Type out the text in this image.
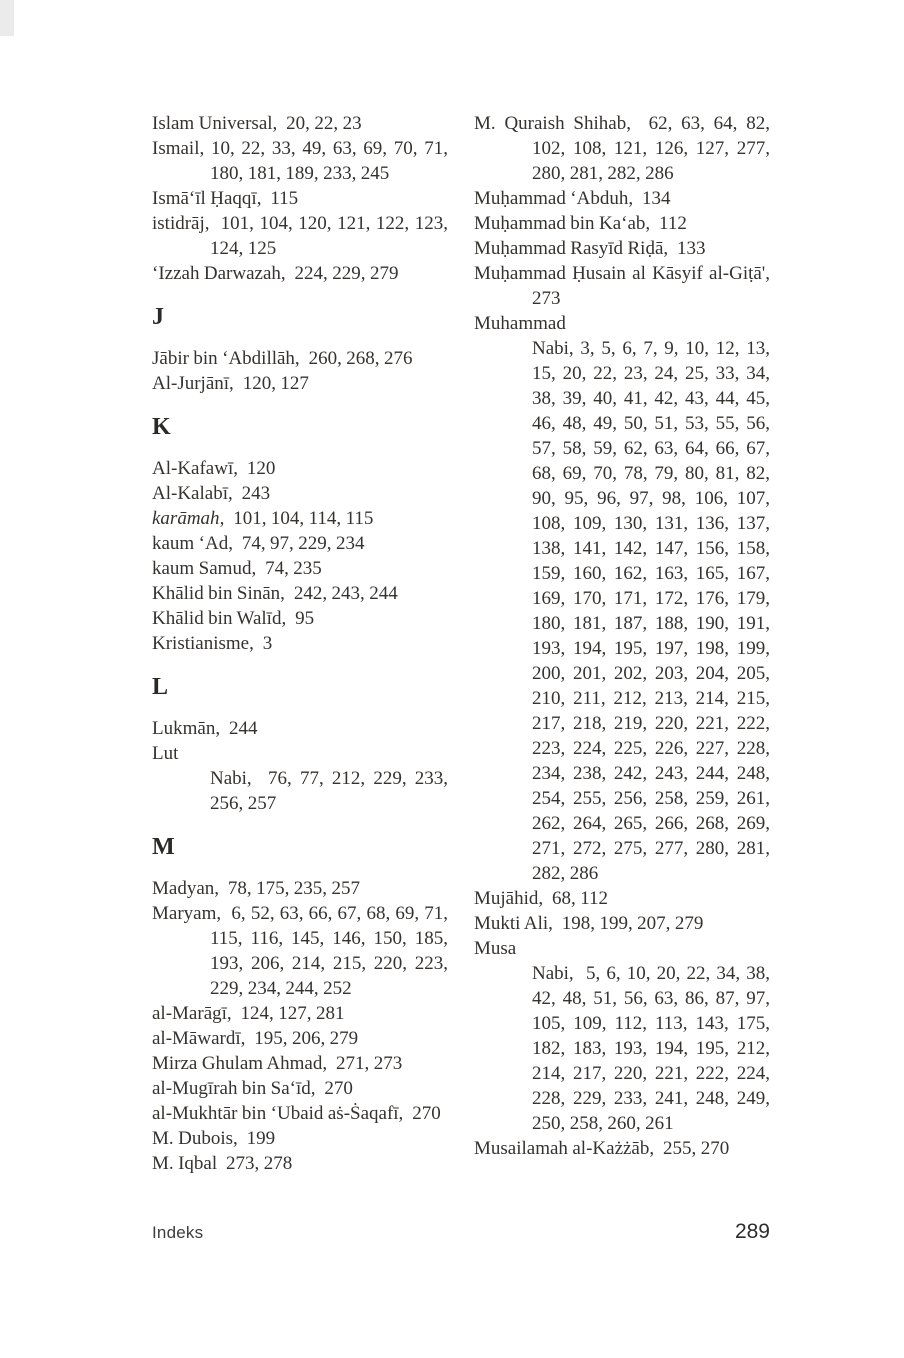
Islam Universal,  20, 22, 23

Ismail, 10, 22, 33, 49, 63, 69, 70, 71, 180, 181, 189, 233, 245

Ismā‘īl Ḥaqqī,  115

istidrāj,  101, 104, 120, 121, 122, 123, 124, 125

‘Izzah Darwazah,  224, 229, 279

J

Jābir bin ‘Abdillāh,  260, 268, 276

Al-Jurjānī,  120, 127

K

Al-Kafawī,  120

Al-Kalabī,  243

karāmah,  101, 104, 114, 115

kaum ‘Ad,  74, 97, 229, 234

kaum Samud,  74, 235

Khālid bin Sinān,  242, 243, 244

Khālid bin Walīd,  95

Kristianisme,  3

L

Lukmān,  244

Lut

Nabi,  76, 77, 212, 229, 233, 256, 257

M

Madyan,  78, 175, 235, 257

Maryam,  6, 52, 63, 66, 67, 68, 69, 71, 115, 116, 145, 146, 150, 185, 193, 206, 214, 215, 220, 223, 229, 234, 244, 252

al-Marāgī,  124, 127, 281

al-Māwardī,  195, 206, 279

Mirza Ghulam Ahmad,  271, 273

al-Mugīrah bin Sa‘īd,  270

al-Mukhtār bin ‘Ubaid aṡ-Ṡaqafī,  270

M. Dubois,  199

M. Iqbal  273, 278

M. Quraish Shihab,  62, 63, 64, 82, 102, 108, 121, 126, 127, 277, 280, 281, 282, 286

Muḥammad ‘Abduh,  134

Muḥammad bin Ka‘ab,  112

Muḥammad Rasyīd Riḍā,  133

Muḥammad Ḥusain al Kāsyif al-Giṭā', 273

Muhammad

Nabi, 3, 5, 6, 7, 9, 10, 12, 13, 15, 20, 22, 23, 24, 25, 33, 34, 38, 39, 40, 41, 42, 43, 44, 45, 46, 48, 49, 50, 51, 53, 55, 56, 57, 58, 59, 62, 63, 64, 66, 67, 68, 69, 70, 78, 79, 80, 81, 82, 90, 95, 96, 97, 98, 106, 107, 108, 109, 130, 131, 136, 137, 138, 141, 142, 147, 156, 158, 159, 160, 162, 163, 165, 167, 169, 170, 171, 172, 176, 179, 180, 181, 187, 188, 190, 191, 193, 194, 195, 197, 198, 199, 200, 201, 202, 203, 204, 205, 210, 211, 212, 213, 214, 215, 217, 218, 219, 220, 221, 222, 223, 224, 225, 226, 227, 228, 234, 238, 242, 243, 244, 248, 254, 255, 256, 258, 259, 261, 262, 264, 265, 266, 268, 269, 271, 272, 275, 277, 280, 281, 282, 286

Mujāhid,  68, 112

Mukti Ali,  198, 199, 207, 279

Musa

Nabi,  5, 6, 10, 20, 22, 34, 38, 42, 48, 51, 56, 63, 86, 87, 97, 105, 109, 112, 113, 143, 175, 182, 183, 193, 194, 195, 212, 214, 217, 220, 221, 222, 224, 228, 229, 233, 241, 248, 249, 250, 258, 260, 261

Musailamah al-Każżāb,  255, 270

Indeks	289
